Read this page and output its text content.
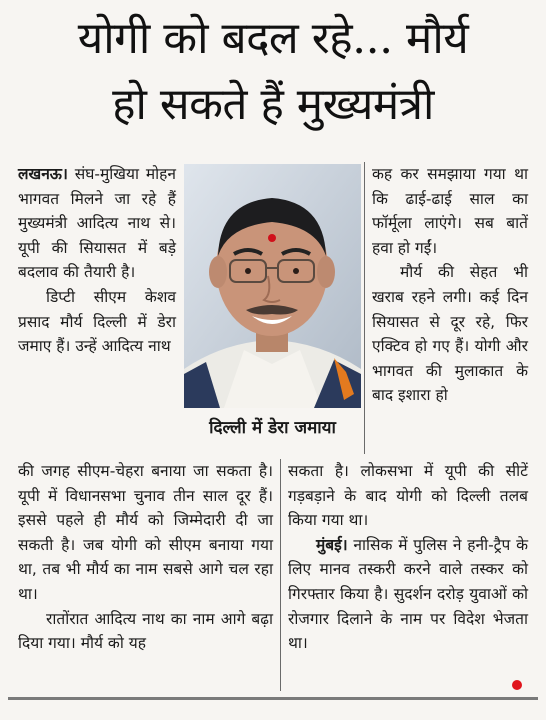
योगी को बदल रहे... मौर्य
हो सकते हैं मुख्यमंत्री

लखनऊ। संघ-मुखिया मोहन भागवत मिलने जा रहे हैं मुख्यमंत्री आदित्य नाथ से। यूपी की सियासत में बड़े बदलाव की तैयारी है।

डिप्टी सीएम केशव प्रसाद मौर्य दिल्ली में डेरा जमाए हैं। उन्हें आदित्य नाथ

दिल्ली में डेरा जमाया

कह कर समझाया गया था कि ढाई-ढाई साल का फॉर्मूला लाएंगे। सब बातें हवा हो गईं।

मौर्य की सेहत भी खराब रहने लगी। कई दिन सियासत से दूर रहे, फिर एक्टिव हो गए हैं। योगी और भागवत की मुलाकात के बाद इशारा हो

की जगह सीएम-चेहरा बनाया जा सकता है। यूपी में विधानसभा चुनाव तीन साल दूर हैं। इससे पहले ही मौर्य को जिम्मेदारी दी जा सकती है। जब योगी को सीएम बनाया गया था, तब भी मौर्य का नाम सबसे आगे चल रहा था।

रातोंरात आदित्य नाथ का नाम आगे बढ़ा दिया गया। मौर्य को यह

सकता है। लोकसभा में यूपी की सीटें गड़बड़ाने के बाद योगी को दिल्ली तलब किया गया था।

मुंबई। नासिक में पुलिस ने हनी-ट्रैप के लिए मानव तस्करी करने वाले तस्कर को गिरफ्तार किया है। सुदर्शन दरोड़ युवाओं को रोजगार दिलाने के नाम पर विदेश भेजता था।
